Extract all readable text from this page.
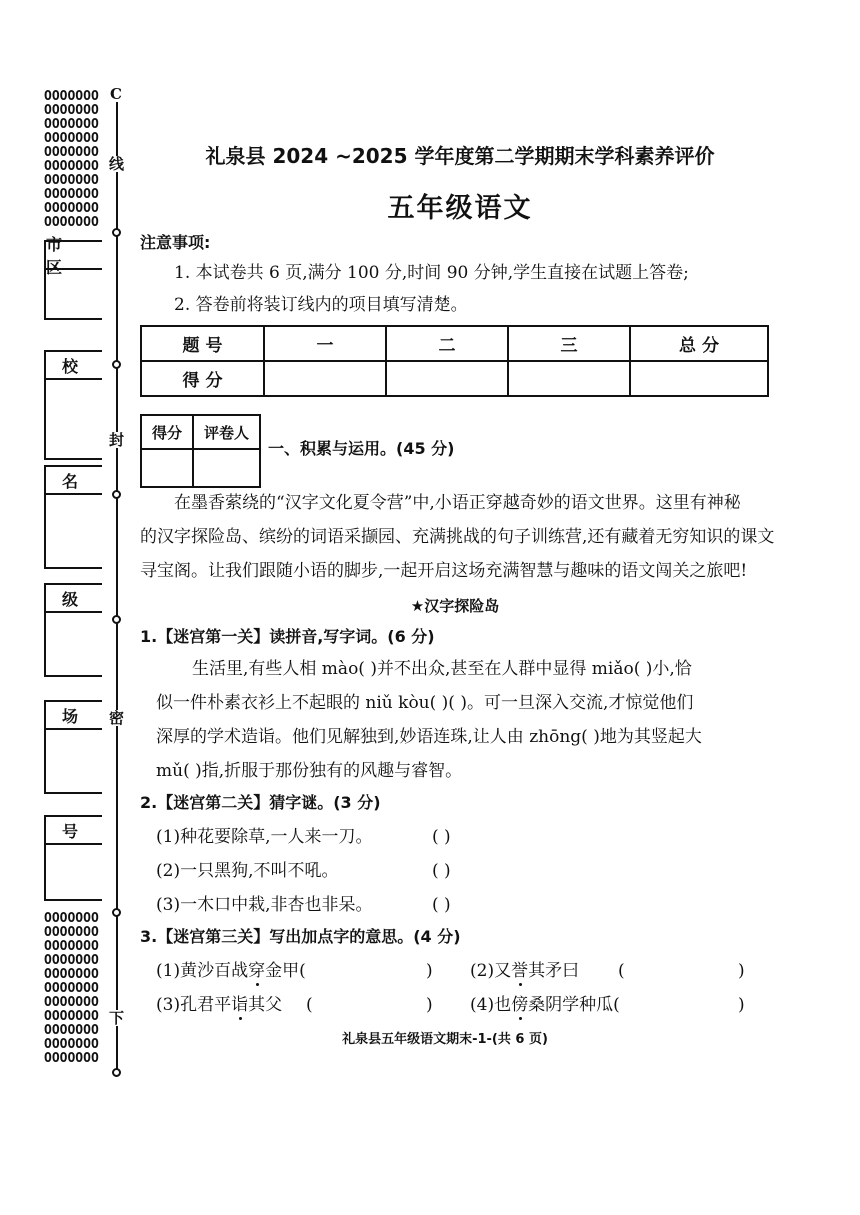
OOOOOOO
OOOOOOO
OOOOOOO
OOOOOOO
OOOOOOO
OOOOOOO
OOOOOOO
OOOOOOO
OOOOOOO
OOOOOOO
OOOOOOO
OOOOOOO
OOOOOOO
OOOOOOO
OOOOOOO
OOOOOOO
OOOOOOO
OOOOOOO
OOOOOOO
OOOOOOO
OOOOOOO
C
线
封
密
下
市 区
校
名
级
场
号
礼泉县 2024 ~2025 学年度第二学期期末学科素养评价
五年级语文
注意事项:
1. 本试卷共 6 页,满分 100 分,时间 90 分钟,学生直接在试题上答卷;
2. 答卷前将装订线内的项目填写清楚。
题 号	一	二	三	总 分
得 分				
得分	评卷人

一、积累与运用。(45 分)
在墨香萦绕的“汉字文化夏令营”中,小语正穿越奇妙的语文世界。这里有神秘
的汉字探险岛、缤纷的词语采撷园、充满挑战的句子训练营,还有藏着无穷知识的课文
寻宝阁。让我们跟随小语的脚步,一起开启这场充满智慧与趣味的语文闯关之旅吧!
★汉字探险岛
1.【迷宫第一关】读拼音,写字词。(6 分)
生活里,有些人相 mào( )并不出众,甚至在人群中显得 miǎo( )小,恰
似一件朴素衣衫上不起眼的 niǔ kòu( )( )。可一旦深入交流,才惊觉他们
深厚的学术造诣。他们见解独到,妙语连珠,让人由 zhōng( )地为其竖起大
mǔ( )指,折服于那份独有的风趣与睿智。
2.【迷宫第二关】猜字谜。(3 分)
(1)种花要除草,一人来一刀。	( )
(2)一只黑狗,不叫不吼。	( )
(3)一木口中栽,非杏也非呆。	( )
3.【迷宫第三关】写出加点字的意思。(4 分)
(1)黄沙百战穿金甲(	) (2)又誉其矛曰 (	)
(3)孔君平诣其父 (	) (4)也傍桑阴学种瓜(	)
礼泉县五年级语文期末-1-(共 6 页)
